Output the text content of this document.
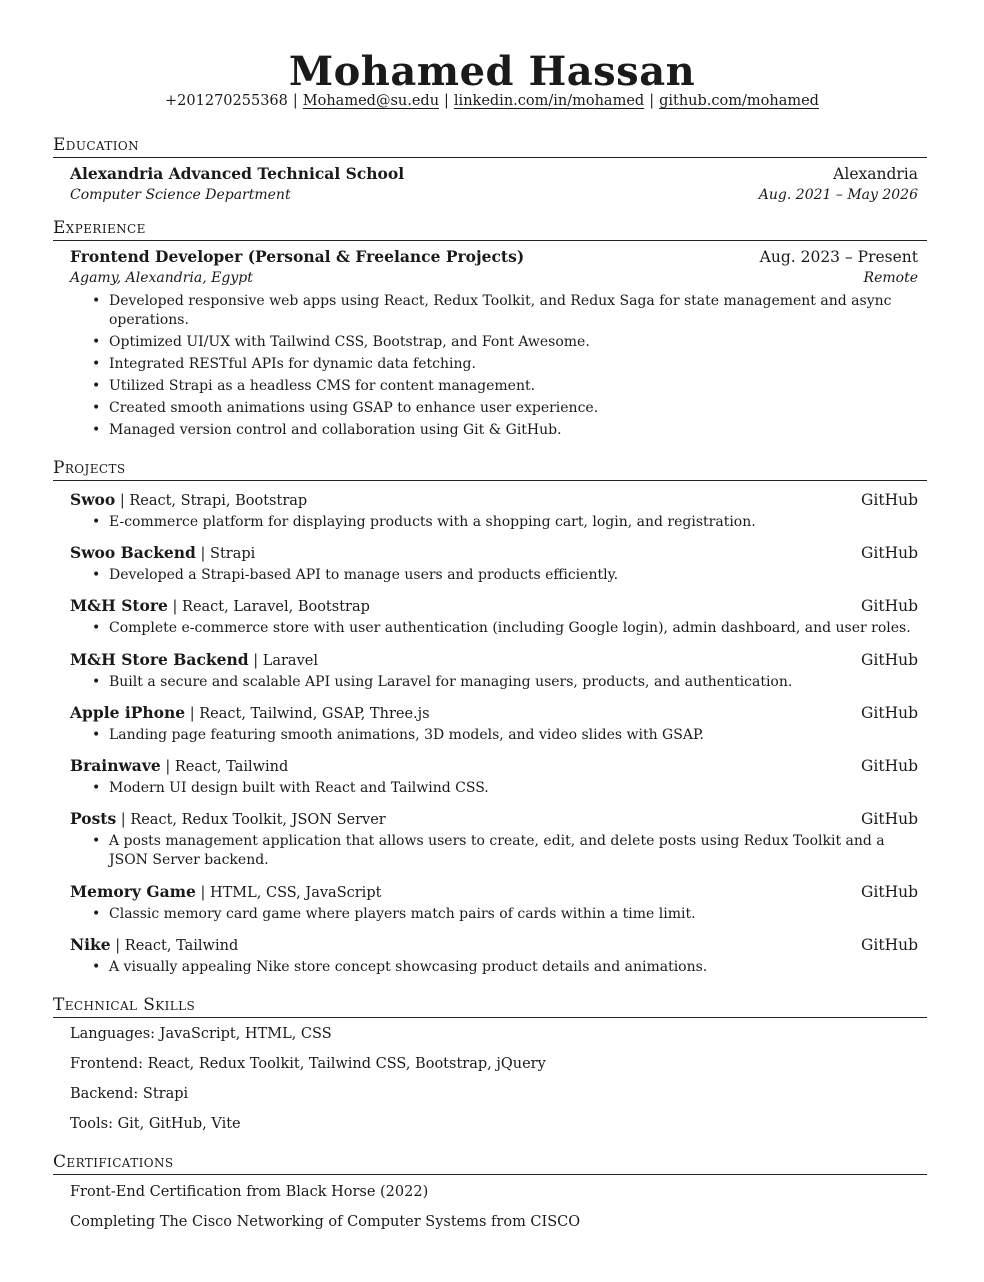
Mohamed Hassan
+201270255368 | Mohamed@su.edu | linkedin.com/in/mohamed | github.com/mohamed
Education
Alexandria Advanced Technical School	Alexandria
Computer Science Department	Aug. 2021 – May 2026
Experience
Frontend Developer (Personal & Freelance Projects)	Aug. 2023 – Present
Agamy, Alexandria, Egypt	Remote
• Developed responsive web apps using React, Redux Toolkit, and Redux Saga for state management and async operations.
• Optimized UI/UX with Tailwind CSS, Bootstrap, and Font Awesome.
• Integrated RESTful APIs for dynamic data fetching.
• Utilized Strapi as a headless CMS for content management.
• Created smooth animations using GSAP to enhance user experience.
• Managed version control and collaboration using Git & GitHub.
Projects
Swoo | React, Strapi, Bootstrap	GitHub
• E-commerce platform for displaying products with a shopping cart, login, and registration.
Swoo Backend | Strapi	GitHub
• Developed a Strapi-based API to manage users and products efficiently.
M&H Store | React, Laravel, Bootstrap	GitHub
• Complete e-commerce store with user authentication (including Google login), admin dashboard, and user roles.
M&H Store Backend | Laravel	GitHub
• Built a secure and scalable API using Laravel for managing users, products, and authentication.
Apple iPhone | React, Tailwind, GSAP, Three.js	GitHub
• Landing page featuring smooth animations, 3D models, and video slides with GSAP.
Brainwave | React, Tailwind	GitHub
• Modern UI design built with React and Tailwind CSS.
Posts | React, Redux Toolkit, JSON Server	GitHub
• A posts management application that allows users to create, edit, and delete posts using Redux Toolkit and a JSON Server backend.
Memory Game | HTML, CSS, JavaScript	GitHub
• Classic memory card game where players match pairs of cards within a time limit.
Nike | React, Tailwind	GitHub
• A visually appealing Nike store concept showcasing product details and animations.
Technical Skills
Languages: JavaScript, HTML, CSS
Frontend: React, Redux Toolkit, Tailwind CSS, Bootstrap, jQuery
Backend: Strapi
Tools: Git, GitHub, Vite
Certifications
Front-End Certification from Black Horse (2022)
Completing The Cisco Networking of Computer Systems from CISCO
